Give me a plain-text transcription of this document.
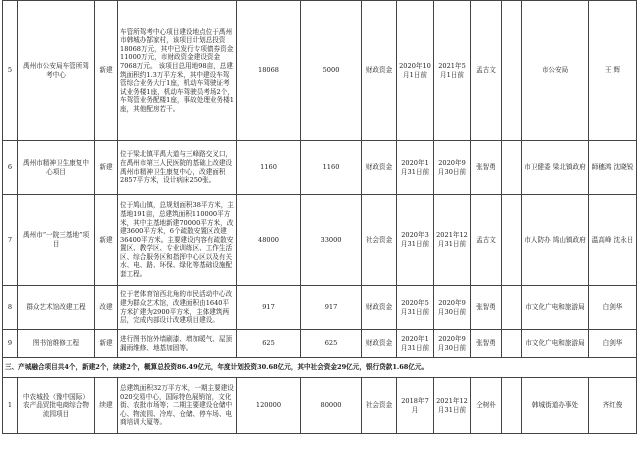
5	禹州市公安局车管所驾考中心	新建	车管所驾考中心项目建设地点位于禹州市韩城办郜家村，该项目计划总投资18068万元，其中已发行专项债券资金11000万元，市财政资金建设资金7068万元。 该项目总用地98亩，总建筑面积约1.3万平方米，其中建设车驾管综合业务大厅1座，机动车驾驶证考试业务楼1座，机动车驾驶员考场2个，车驾管业务配楼1座，事故处理业务楼1座，其他配房若干。	18068	5000	财政资金	2020年10月1日前	2021年5月1日前	孟古文		市公安局	王 辉
6	禹州市精神卫生康复中心项目	新建	位于梁北镇平禹大道与三峰路交叉口，在禹州市第三人民医院的基础上改建设禹州市精神卫生康复中心，改建面积2857平方米，设计病床250张。	1160	1160	财政资金	2020年1月31日前	2020年9月30日前	张智勇		市卫健委 梁北镇政府	師穗鸿 沈晓锐
7	禹州市“一院三基地”项目	新建	位于鸠山镇，总规划面积38平方米，主基地191亩，总建筑面积110000平方米，其中主基地新建70000平方米，改建3600平方米，6个疏散安置区改建36400平方米。主要建设内容有疏散安置区、教学区、专业训练区、工作生活区、综合服务区和指挥中心区以及有关水、电、路、环保、绿化等基础设施配套工程。	48000	33000	社会资金	2020年3月31日前	2021年12月31日前	孟古文		市人防办 鸠山镇政府	温高峰 沈永日
8	群众艺术馆改建工程	改建	位于老体育馆西北角的市民活动中心改建为群众艺术馆，改建面积由1640平方米扩建为2900平方米，主体建筑两层，完成内部设计改建项目建设。	917	917	财政资金	2020年5月31日前	2020年9月30日前	张智勇		市文化广电和旅游局	白剑华
9	图书馆维修工程	新建	进行图书馆外墙刷漆、增加暖气、屋顶漏雨维修、地基加固等。	625	625	财政资金	2020年1月31日前	2020年9月30日前	张智勇		市文化广电和旅游局	白剑华
三、产城融合项目共4个，新建2个，续建2个，概算总投资86.49亿元，年度计划投资30.68亿元，其中社会资金29亿元，银行贷款1.68亿元。												
1	中农城投（豫中国际）农产品贸批电商综合物流园项目	续建	总建筑面积32万平方米，一期主要建设020交易中心，国际特色展销馆，文化街、农批市场等；二期主要建设仓储中心、物流园、冷库、仓储、停车场、电商培训大厦等。	120000	80000	社会资金	2018年7月	2021年12月31日前	仝树朴		韩城街道办事处	齐红俊
